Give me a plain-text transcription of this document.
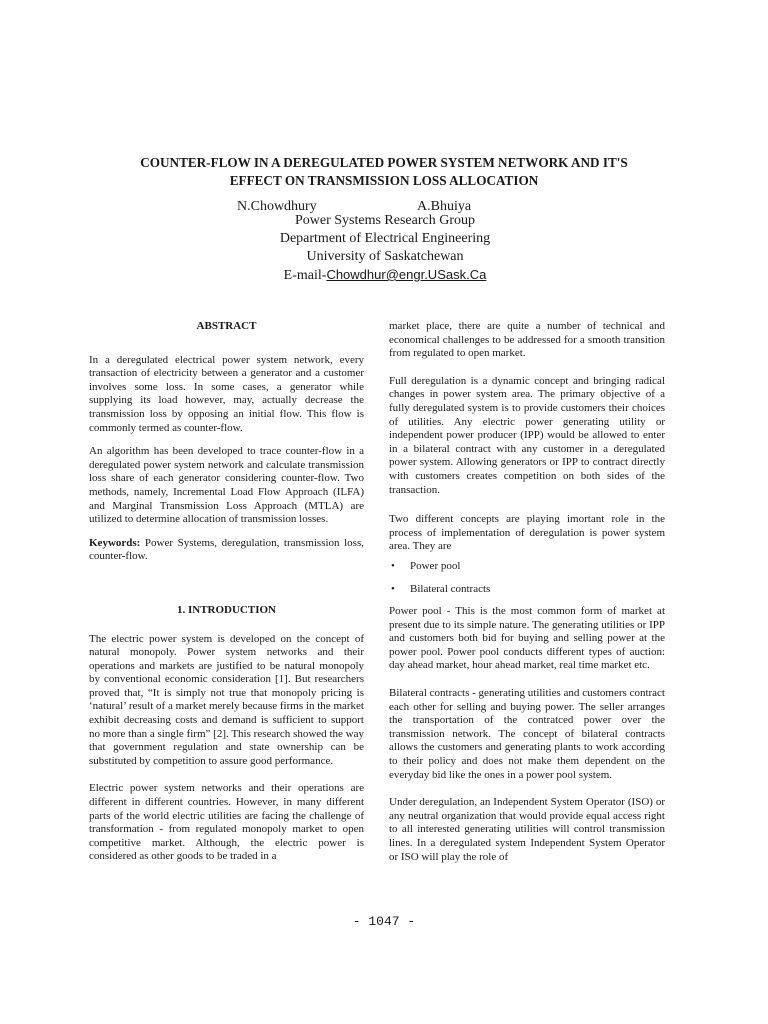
COUNTER-FLOW IN A DEREGULATED POWER SYSTEM NETWORK AND IT'S
EFFECT ON TRANSMISSION LOSS ALLOCATION
N.Chowdhury	A.Bhuiya
Power Systems Research Group
Department of Electrical Engineering
University of Saskatchewan
E-mail-Chowdhur@engr.USask.Ca
ABSTRACT

In a deregulated electrical power system network, every transaction of electricity between a generator and a customer involves some loss. In some cases, a generator while supplying its load however, may, actually decrease the transmission loss by opposing an initial flow. This flow is commonly termed as counter-flow.

An algorithm has been developed to trace counter-flow in a deregulated power system network and calculate transmission loss share of each generator considering counter-flow. Two methods, namely, Incremental Load Flow Approach (ILFA) and Marginal Transmission Loss Approach (MTLA) are utilized to determine allocation of transmission losses.

Keywords: Power Systems, deregulation, transmission loss, counter-flow.

1. INTRODUCTION

The electric power system is developed on the concept of natural monopoly. Power system networks and their operations and markets are justified to be natural monopoly by conventional economic consideration [1]. But researchers proved that, “It is simply not true that monopoly pricing is ‘natural’ result of a market merely because firms in the market exhibit decreasing costs and demand is sufficient to support no more than a single firm” [2]. This research showed the way that government regulation and state ownership can be substituted by competition to assure good performance.

Electric power system networks and their operations are different in different countries. However, in many different parts of the world electric utilities are facing the challenge of transformation - from regulated monopoly market to open competitive market. Although, the electric power is considered as other goods to be traded in a

market place, there are quite a number of technical and economical challenges to be addressed for a smooth transition from regulated to open market.

Full deregulation is a dynamic concept and bringing radical changes in power system area. The primary objective of a fully deregulated system is to provide customers their choices of utilities. Any electric power generating utility or independent power producer (IPP) would be allowed to enter in a bilateral contract with any customer in a deregulated power system. Allowing generators or IPP to contract directly with customers creates competition on both sides of the transaction.

Two different concepts are playing imortant role in the process of implementation of deregulation is power system area. They are

• Power pool
• Bilateral contracts

Power pool - This is the most common form of market at present due to its simple nature. The generating utilities or IPP and customers both bid for buying and selling power at the power pool. Power pool conducts different types of auction: day ahead market, hour ahead market, real time market etc.

Bilateral contracts - generating utilities and customers contract each other for selling and buying power. The seller arranges the transportation of the contratced power over the transmission network. The concept of bilateral contracts allows the customers and generating plants to work according to their policy and does not make them dependent on the everyday bid like the ones in a power pool system.

Under deregulation, an Independent System Operator (ISO) or any neutral organization that would provide equal access right to all interested generating utilities will control transmission lines. In a deregulated system Independent System Operator or ISO will play the role of

- 1047 -
